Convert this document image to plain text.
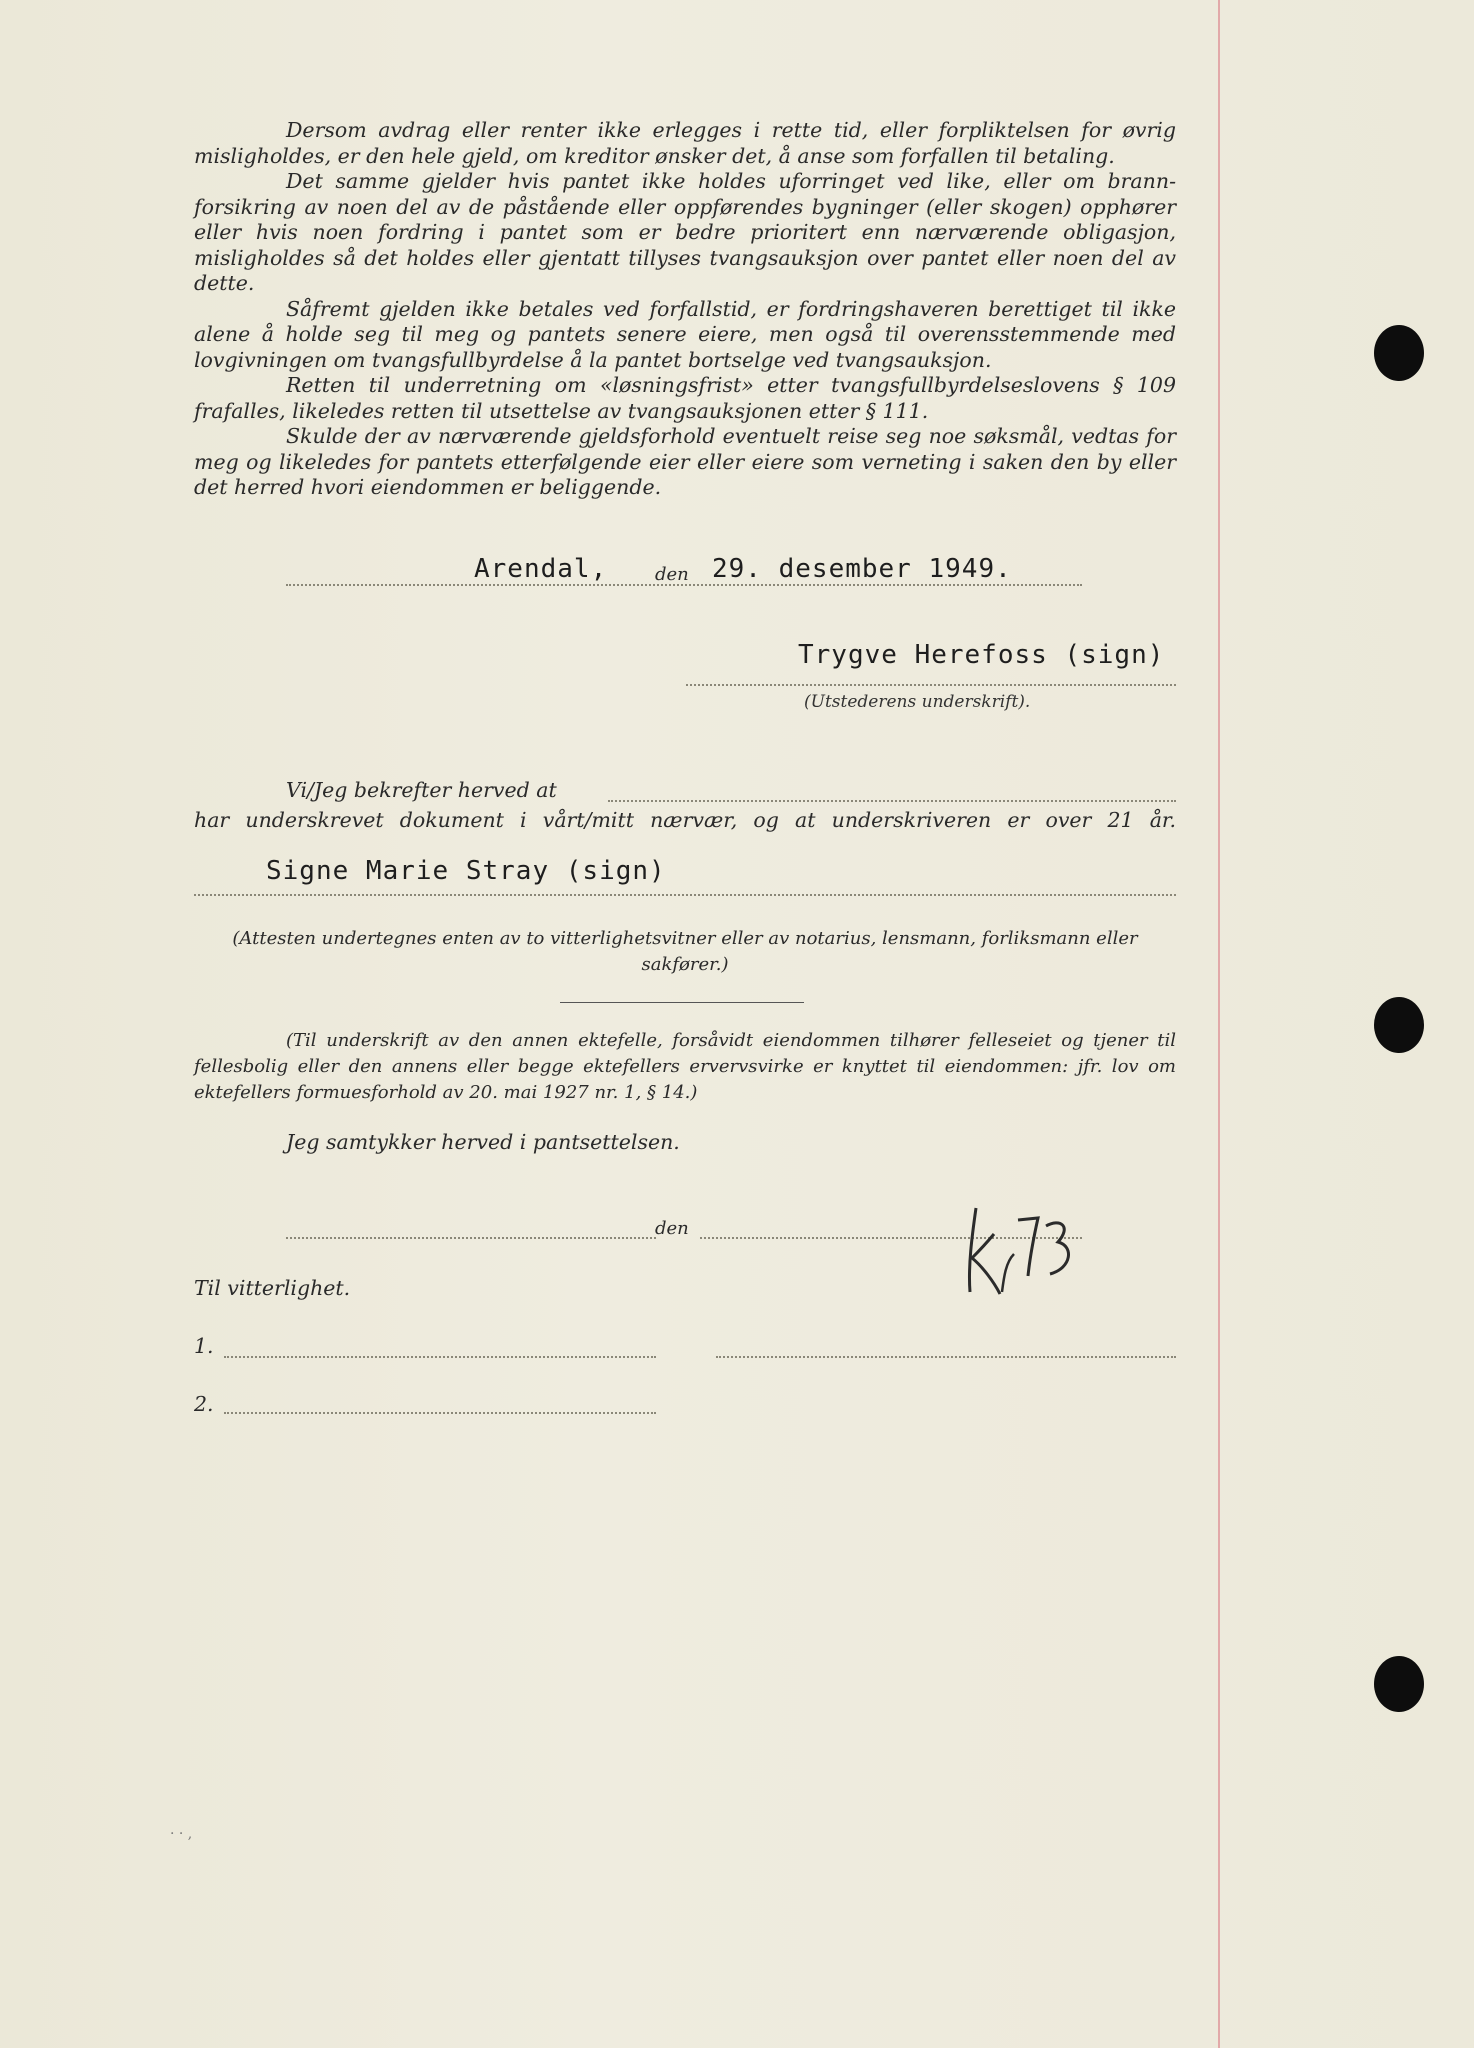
Dersom avdrag eller renter ikke erlegges i rette tid, eller forpliktelsen for øvrig misligholdes, er den hele gjeld, om kreditor ønsker det, å anse som forfallen til betaling.

Det samme gjelder hvis pantet ikke holdes uforringet ved like, eller om brannforsikring av noen del av de påstående eller oppførendes bygninger (eller skogen) opphører eller hvis noen fordring i pantet som er bedre prioritert enn nærværende obligasjon, misligholdes så det holdes eller gjentatt tillyses tvangsauksjon over pantet eller noen del av dette.

Såfremt gjelden ikke betales ved forfallstid, er fordringshaveren berettiget til ikke alene å holde seg til meg og pantets senere eiere, men også til overensstemmende med lovgivningen om tvangsfullbyrdelse å la pantet bortselge ved tvangsauksjon.

Retten til underretning om «løsningsfrist» etter tvangsfullbyrdelseslovens § 109 frafalles, likeledes retten til utsettelse av tvangsauksjonen etter § 111.

Skulde der av nærværende gjeldsforhold eventuelt reise seg noe søksmål, vedtas for meg og likeledes for pantets etterfølgende eier eller eiere som verneting i saken den by eller det herred hvori eiendommen er beliggende.

Arendal,	den 29. desember 1949.
Trygve Herefoss (sign)
(Utstederens underskrift).
Vi/Jeg bekrefter herved at
har underskrevet dokument i vårt/mitt nærvær, og at underskriveren er over 21 år.
Signe Marie Stray (sign)
(Attesten undertegnes enten av to vitterlighetsvitner eller av notarius, lensmann, forliksmann eller sakfører.)

(Til underskrift av den annen ektefelle, forsåvidt eiendommen tilhører felleseiet og tjener til fellesbolig eller den annens eller begge ektefellers ervervsvirke er knyttet til eiendommen: jfr. lov om ektefellers formuesforhold av 20. mai 1927 nr. 1, § 14.)

Jeg samtykker herved i pantsettelsen.
den
Til vitterlighet.
1.
2.
· · ,
